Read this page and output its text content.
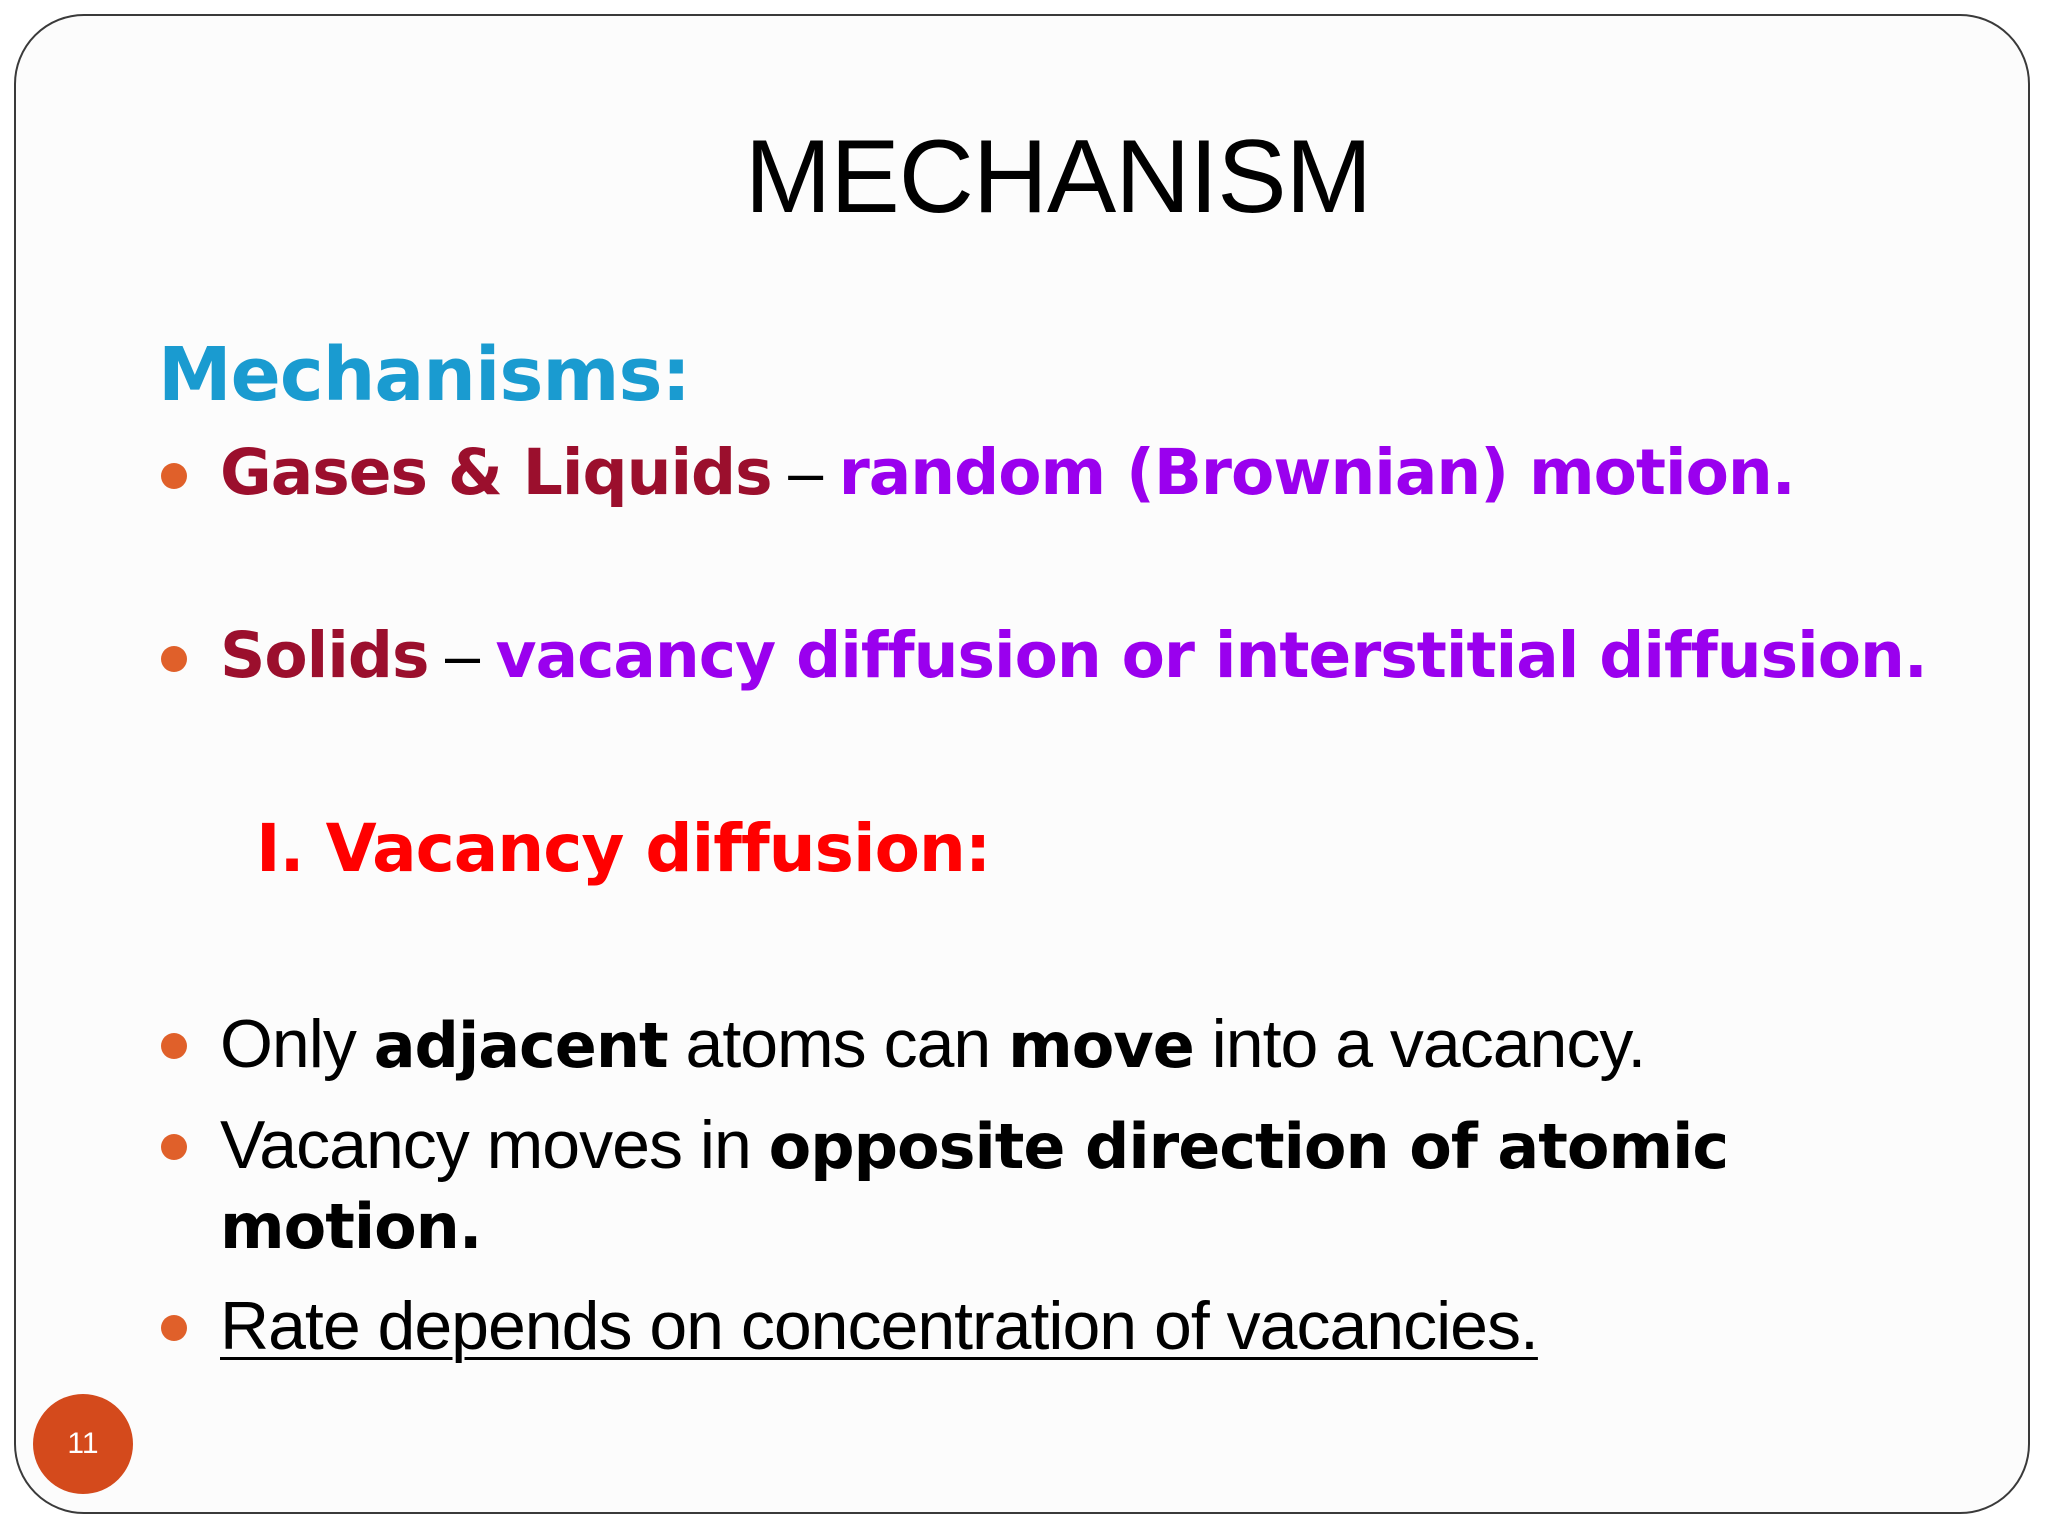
MECHANISM
Mechanisms:
Gases & Liquids – random (Brownian) motion.
Solids – vacancy diffusion or interstitial diffusion.
I. Vacancy diffusion:
Only adjacent atoms can move into a vacancy.
Vacancy moves in opposite direction of atomic
motion.
Rate depends on concentration of vacancies.
11
